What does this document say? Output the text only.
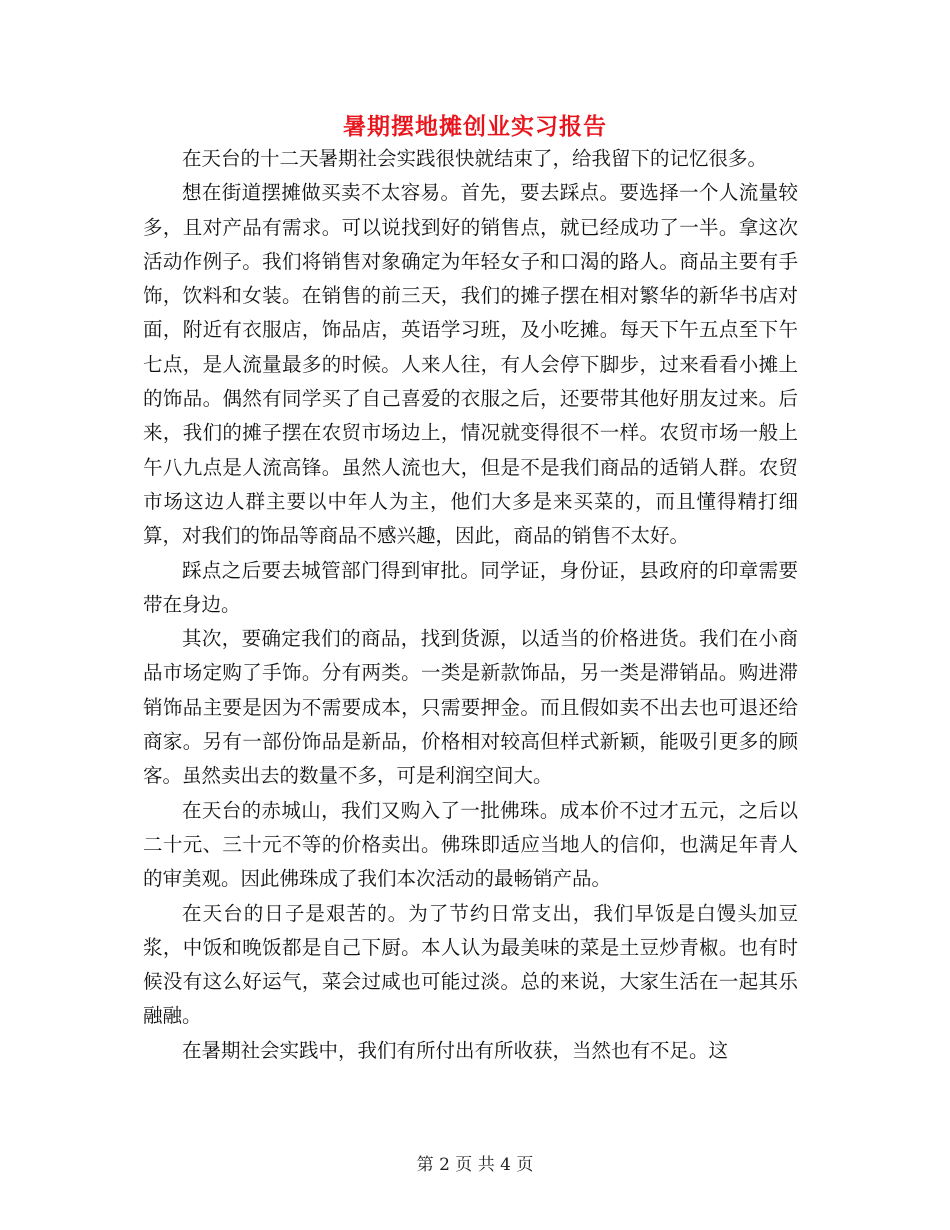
暑期摆地摊创业实习报告

在天台的十二天暑期社会实践很快就结束了，给我留下的记忆很多。

想在街道摆摊做买卖不太容易。首先，要去踩点。要选择一个人流量较多，且对产品有需求。可以说找到好的销售点，就已经成功了一半。拿这次活动作例子。我们将销售对象确定为年轻女子和口渴的路人。商品主要有手饰，饮料和女装。在销售的前三天，我们的摊子摆在相对繁华的新华书店对面，附近有衣服店，饰品店，英语学习班，及小吃摊。每天下午五点至下午七点，是人流量最多的时候。人来人往，有人会停下脚步，过来看看小摊上的饰品。偶然有同学买了自己喜爱的衣服之后，还要带其他好朋友过来。后来，我们的摊子摆在农贸市场边上，情况就变得很不一样。农贸市场一般上午八九点是人流高锋。虽然人流也大，但是不是我们商品的适销人群。农贸市场这边人群主要以中年人为主，他们大多是来买菜的，而且懂得精打细算，对我们的饰品等商品不感兴趣，因此，商品的销售不太好。

踩点之后要去城管部门得到审批。同学证，身份证，县政府的印章需要带在身边。

其次，要确定我们的商品，找到货源，以适当的价格进货。我们在小商品市场定购了手饰。分有两类。一类是新款饰品，另一类是滞销品。购进滞销饰品主要是因为不需要成本，只需要押金。而且假如卖不出去也可退还给商家。另有一部份饰品是新品，价格相对较高但样式新颖，能吸引更多的顾客。虽然卖出去的数量不多，可是利润空间大。

在天台的赤城山，我们又购入了一批佛珠。成本价不过才五元，之后以二十元、三十元不等的价格卖出。佛珠即适应当地人的信仰，也满足年青人的审美观。因此佛珠成了我们本次活动的最畅销产品。

在天台的日子是艰苦的。为了节约日常支出，我们早饭是白馒头加豆浆，中饭和晚饭都是自己下厨。本人认为最美味的菜是土豆炒青椒。也有时候没有这么好运气，菜会过咸也可能过淡。总的来说，大家生活在一起其乐融融。

在暑期社会实践中，我们有所付出有所收获，当然也有不足。这

第 2 页 共 4 页
